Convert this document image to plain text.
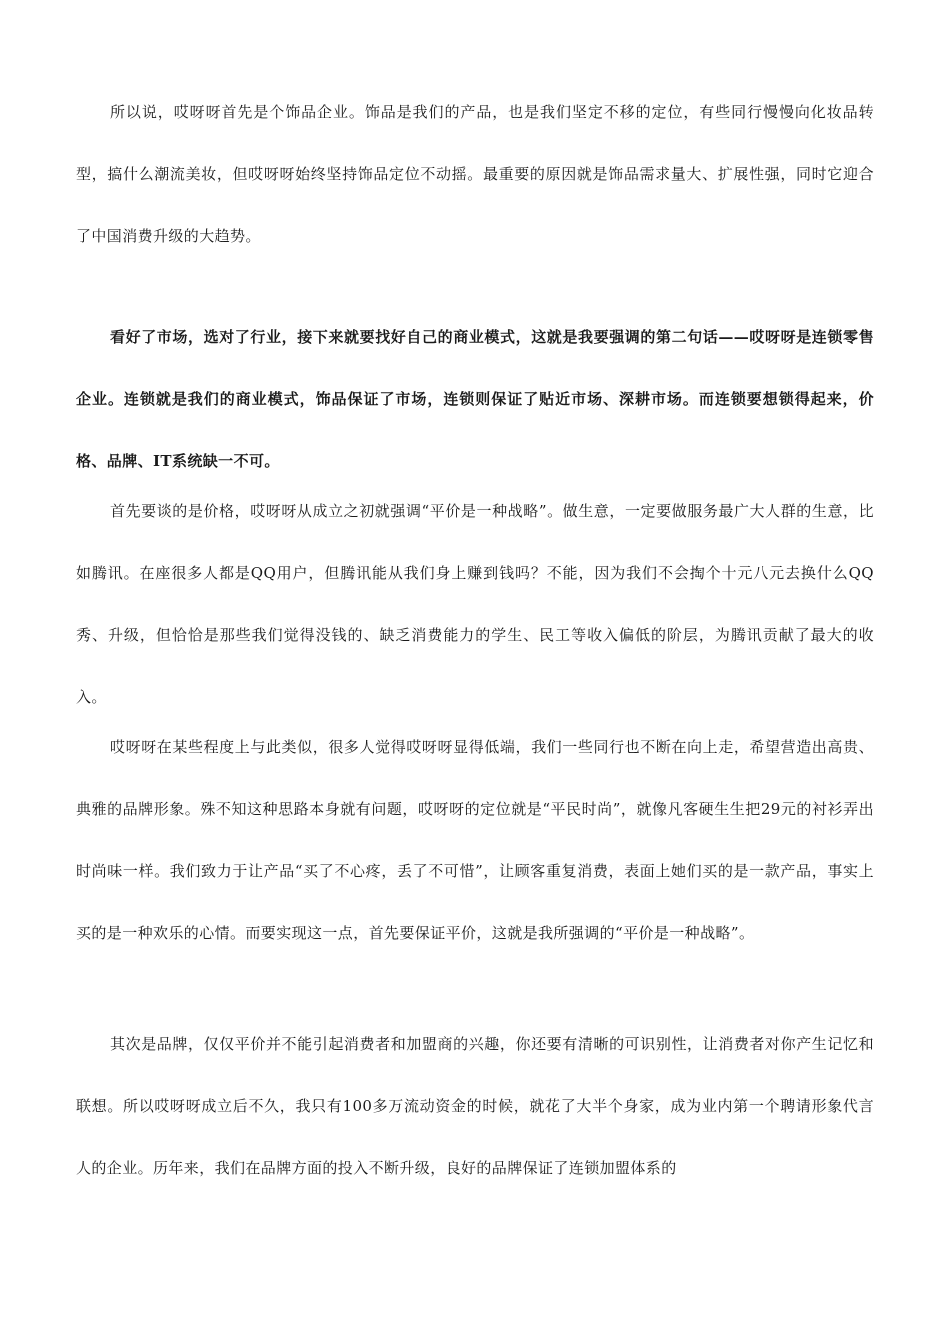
所以说，哎呀呀首先是个饰品企业。饰品是我们的产品，也是我们坚定不移的定位，有些同行慢慢向化妆品转型，搞什么潮流美妆，但哎呀呀始终坚持饰品定位不动摇。最重要的原因就是饰品需求量大、扩展性强，同时它迎合了中国消费升级的大趋势。

看好了市场，选对了行业，接下来就要找好自己的商业模式，这就是我要强调的第二句话——哎呀呀是连锁零售企业。连锁就是我们的商业模式，饰品保证了市场，连锁则保证了贴近市场、深耕市场。而连锁要想锁得起来，价格、品牌、IT系统缺一不可。

首先要谈的是价格，哎呀呀从成立之初就强调“平价是一种战略”。做生意，一定要做服务最广大人群的生意，比如腾讯。在座很多人都是QQ用户，但腾讯能从我们身上赚到钱吗？不能，因为我们不会掏个十元八元去换什么QQ秀、升级，但恰恰是那些我们觉得没钱的、缺乏消费能力的学生、民工等收入偏低的阶层，为腾讯贡献了最大的收入。

哎呀呀在某些程度上与此类似，很多人觉得哎呀呀显得低端，我们一些同行也不断在向上走，希望营造出高贵、典雅的品牌形象。殊不知这种思路本身就有问题，哎呀呀的定位就是“平民时尚”，就像凡客硬生生把29元的衬衫弄出时尚味一样。我们致力于让产品“买了不心疼，丢了不可惜”，让顾客重复消费，表面上她们买的是一款产品，事实上买的是一种欢乐的心情。而要实现这一点，首先要保证平价，这就是我所强调的“平价是一种战略”。

其次是品牌，仅仅平价并不能引起消费者和加盟商的兴趣，你还要有清晰的可识别性，让消费者对你产生记忆和联想。所以哎呀呀成立后不久，我只有100多万流动资金的时候，就花了大半个身家，成为业内第一个聘请形象代言人的企业。历年来，我们在品牌方面的投入不断升级，良好的品牌保证了连锁加盟体系的
